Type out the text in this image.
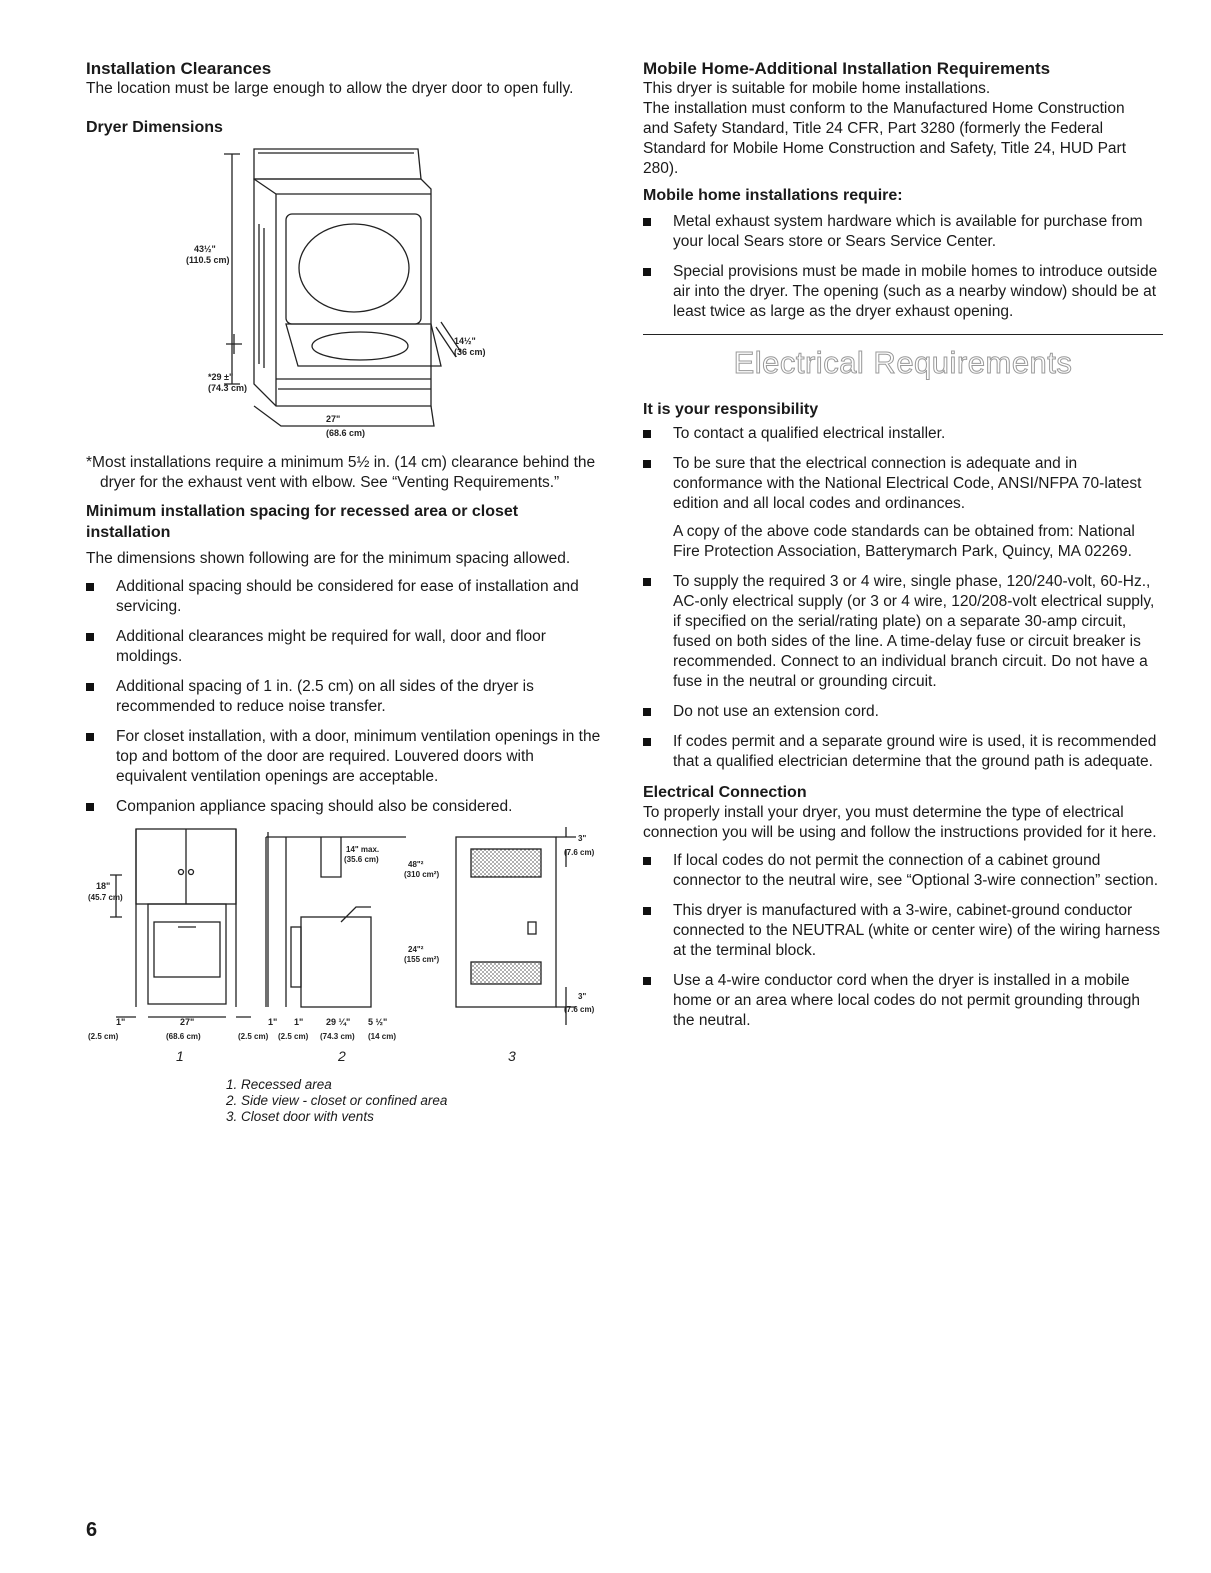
Installation Clearances

The location must be large enough to allow the dryer door to open fully.

Dryer Dimensions
43½"
(110.5 cm)
*29 ±"
(74.3 cm)
14½"
(36 cm)
27"
(68.6 cm)

*Most installations require a minimum 5½ in. (14 cm) clearance behind the dryer for the exhaust vent with elbow. See “Venting Requirements.”

Minimum installation spacing for recessed area or closet installation

The dimensions shown following are for the minimum spacing allowed.

Additional spacing should be considered for ease of installation and servicing.
Additional clearances might be required for wall, door and floor moldings.
Additional spacing of 1 in. (2.5 cm) on all sides of the dryer is recommended to reduce noise transfer.
For closet installation, with a door, minimum ventilation openings in the top and bottom of the door are required. Louvered doors with equivalent ventilation openings are acceptable.
Companion appliance spacing should also be considered.
18"
(45.7 cm)
1"
(2.5 cm)
27"
(68.6 cm)
14" max.
(35.6 cm)
48"²
(310 cm²)
24"²
(155 cm²)
1"
(2.5 cm)
1"
(2.5 cm)
29 ¼"
(74.3 cm)
5 ½"
(14 cm)
3"
(7.6 cm)
3"
(7.6 cm)
1	2	3
1. Recessed area
2. Side view - closet or confined area
3. Closet door with vents
Mobile Home-Additional Installation Requirements

This dryer is suitable for mobile home installations.

The installation must conform to the Manufactured Home Construction and Safety Standard, Title 24 CFR, Part 3280 (formerly the Federal Standard for Mobile Home Construction and Safety, Title 24, HUD Part 280).

Mobile home installations require:
Metal exhaust system hardware which is available for purchase from your local Sears store or Sears Service Center.
Special provisions must be made in mobile homes to introduce outside air into the dryer. The opening (such as a nearby window) should be at least twice as large as the dryer exhaust opening.
Electrical Requirements
It is your responsibility
To contact a qualified electrical installer.
To be sure that the electrical connection is adequate and in conformance with the National Electrical Code, ANSI/NFPA 70-latest edition and all local codes and ordinances.
A copy of the above code standards can be obtained from: National Fire Protection Association, Batterymarch Park, Quincy, MA 02269.
To supply the required 3 or 4 wire, single phase, 120/240-volt, 60-Hz., AC-only electrical supply (or 3 or 4 wire, 120/208-volt electrical supply, if specified on the serial/rating plate) on a separate 30-amp circuit, fused on both sides of the line. A time-delay fuse or circuit breaker is recommended. Connect to an individual branch circuit. Do not have a fuse in the neutral or grounding circuit.
Do not use an extension cord.
If codes permit and a separate ground wire is used, it is recommended that a qualified electrician determine that the ground path is adequate.
Electrical Connection

To properly install your dryer, you must determine the type of electrical connection you will be using and follow the instructions provided for it here.

If local codes do not permit the connection of a cabinet ground connector to the neutral wire, see “Optional 3-wire connection” section.
This dryer is manufactured with a 3-wire, cabinet-ground conductor connected to the NEUTRAL (white or center wire) of the wiring harness at the terminal block.
Use a 4-wire conductor cord when the dryer is installed in a mobile home or an area where local codes do not permit grounding through the neutral.
6
